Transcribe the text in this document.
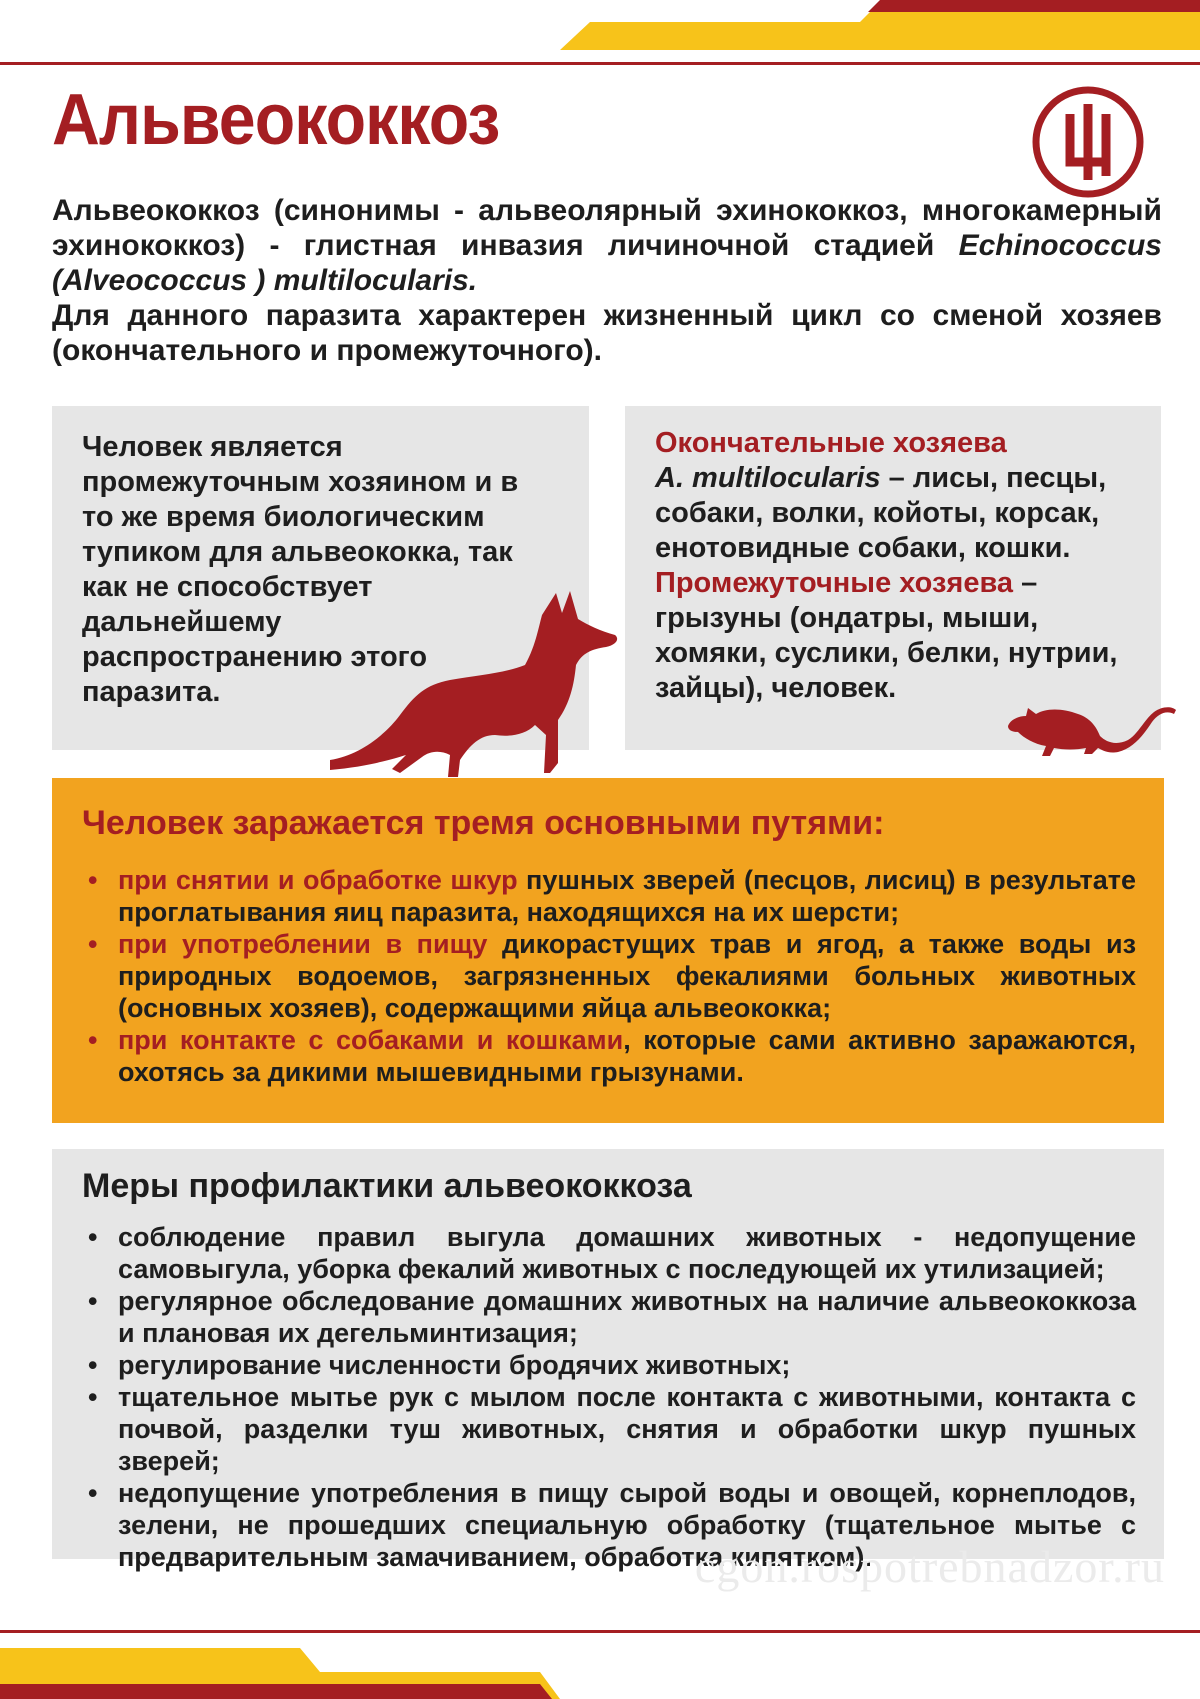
Альвеококкоз

Альвеококкоз (синонимы - альвеолярный эхинококкоз, многокамерный эхинококкоз) - глистная инвазия личиночной стадией Echinococcus (Alveococcus ) multilocularis.

Для данного паразита характерен жизненный цикл со сменой хозяев (окончательного и промежуточного).

Человек является промежуточным хозяином и в то же время биологическим тупиком для альвеококка, так как не способствует дальнейшему распространению этого паразита.

Окончательные хозяева
A. multilocularis – лисы, песцы, собаки, волки, койоты, корсак, енотовидные собаки, кошки.
Промежуточные хозяева –
грызуны (ондатры, мыши, хомяки, суслики, белки, нутрии, зайцы), человек.
Человек заражается тремя основными путями:
• при снятии и обработке шкур пушных зверей (песцов, лисиц) в результате проглатывания яиц паразита, находящихся на их шерсти;
• при употреблении в пищу дикорастущих трав и ягод, а также воды из природных водоемов, загрязненных фекалиями больных животных (основных хозяев), содержащими яйца альвеококка;
• при контакте с собаками и кошками, которые сами активно заражаются, охотясь за дикими мышевидными грызунами.
Меры профилактики альвеококкоза
• соблюдение правил выгула домашних животных - недопущение самовыгула, уборка фекалий животных с последующей их утилизацией;
• регулярное обследование домашних животных на наличие альвеококкоза и плановая их дегельминтизация;
• регулирование численности бродячих животных;
• тщательное мытье рук с мылом после контакта с животными, контакта с почвой, разделки туш животных, снятия и обработки шкур пушных зверей;
• недопущение употребления в пищу сырой воды и овощей, корнеплодов, зелени, не прошедших специальную обработку (тщательное мытье с предварительным замачиванием, обработка кипятком).
cgon.rospotrebnadzor.ru
